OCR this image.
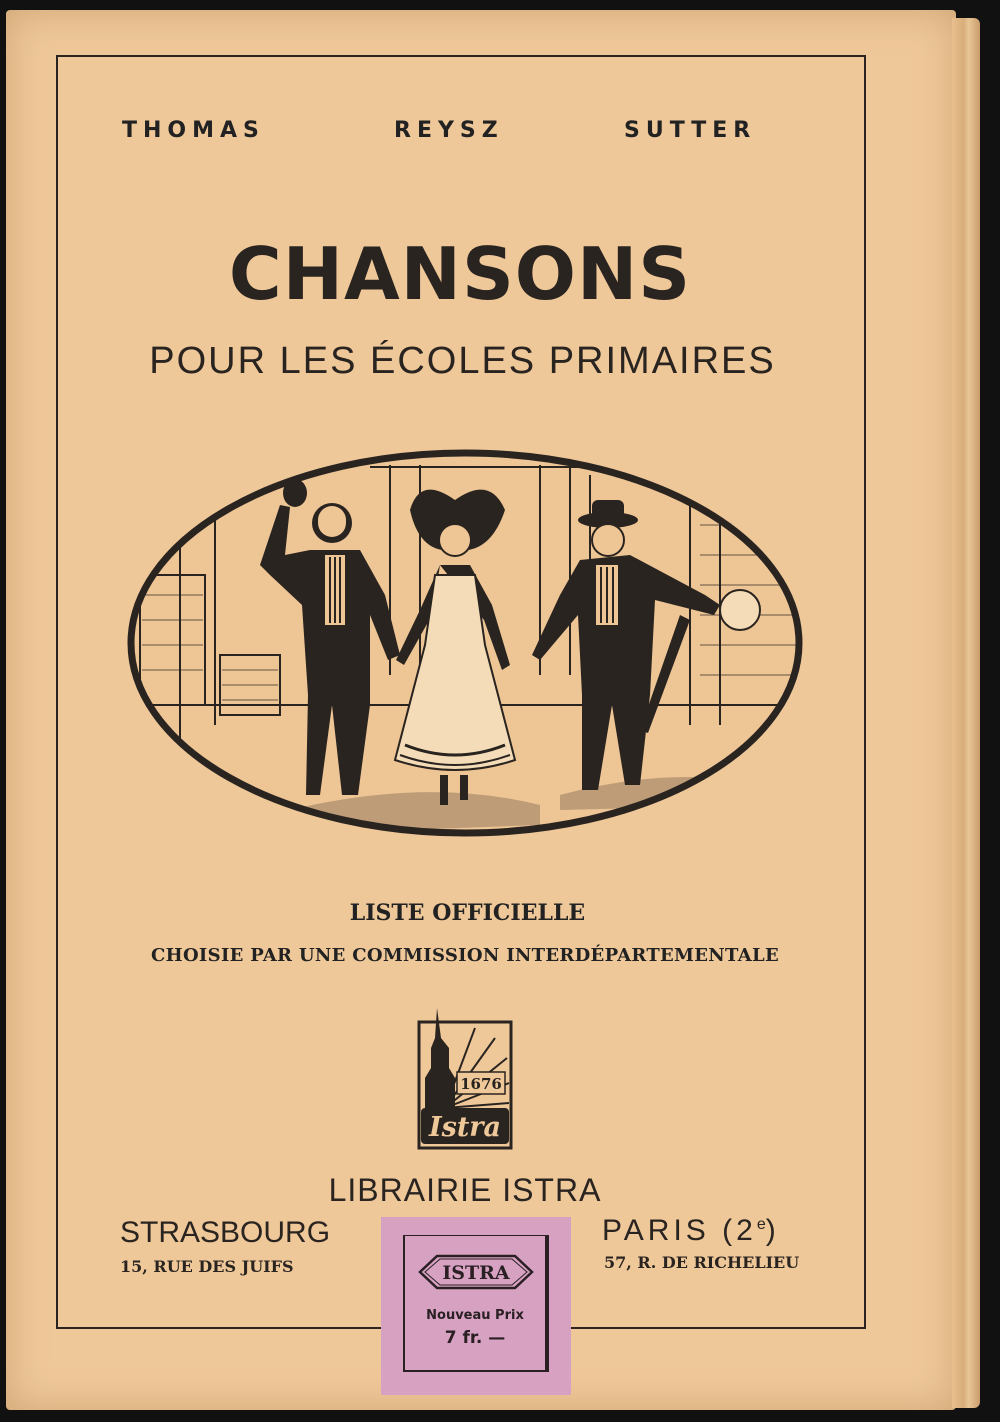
THOMAS	REYSZ	SUTTER
CHANSONS
POUR LES ÉCOLES PRIMAIRES
LISTE OFFICIELLE
CHOISIE PAR UNE COMMISSION INTERDÉPARTEMENTALE
1676
Istra
LIBRAIRIE ISTRA
STRASBOURG
15, RUE DES JUIFS
PARIS (2e)
57, R. DE RICHELIEU
ISTRA
Nouveau Prix
7 fr. —
